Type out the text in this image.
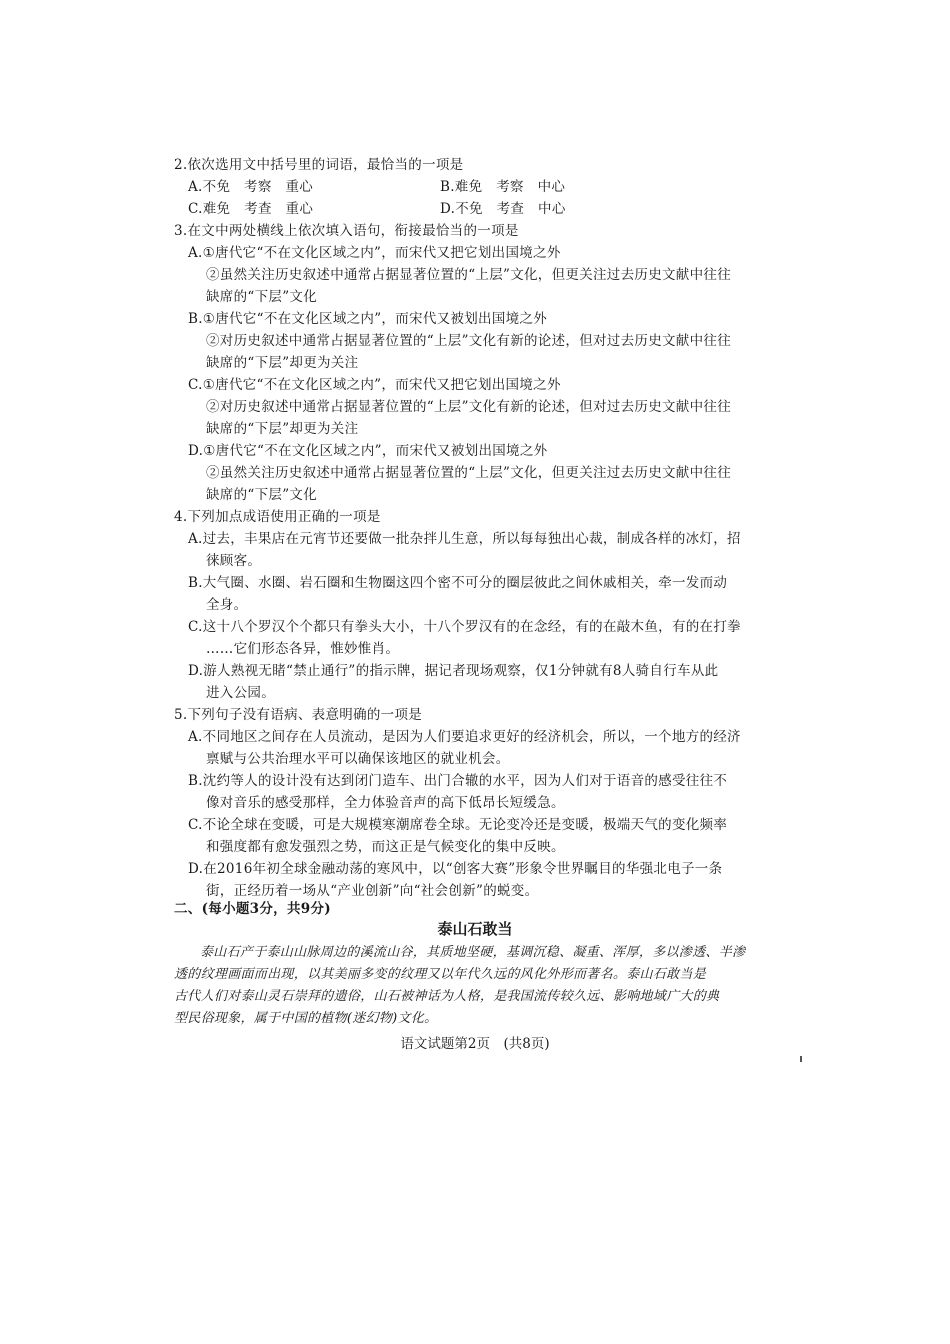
2.依次选用文中括号里的词语，最恰当的一项是
A.不免　考察　重心	B.难免　考察　中心
C.难免　考查　重心	D.不免　考查　中心
3.在文中两处横线上依次填入语句，衔接最恰当的一项是
A.①唐代它“不在文化区域之内”，而宋代又把它划出国境之外
②虽然关注历史叙述中通常占据显著位置的“上层”文化，但更关注过去历史文献中往往
缺席的“下层”文化
B.①唐代它“不在文化区域之内”，而宋代又被划出国境之外
②对历史叙述中通常占据显著位置的“上层”文化有新的论述，但对过去历史文献中往往
缺席的“下层”却更为关注
C.①唐代它“不在文化区域之内”，而宋代又把它划出国境之外
②对历史叙述中通常占据显著位置的“上层”文化有新的论述，但对过去历史文献中往往
缺席的“下层”却更为关注
D.①唐代它“不在文化区域之内”，而宋代又被划出国境之外
②虽然关注历史叙述中通常占据显著位置的“上层”文化，但更关注过去历史文献中往往
缺席的“下层”文化
4.下列加点成语使用正确的一项是
A.过去，丰果店在元宵节还要做一批杂拌儿生意，所以每每独出心裁，制成各样的冰灯，招
徕顾客。
B.大气圈、水圈、岩石圈和生物圈这四个密不可分的圈层彼此之间休戚相关，牵一发而动
全身。
C.这十八个罗汉个个都只有拳头大小，十八个罗汉有的在念经，有的在敲木鱼，有的在打拳
……它们形态各异，惟妙惟肖。
D.游人熟视无睹“禁止通行”的指示牌，据记者现场观察，仅1分钟就有8人骑自行车从此
进入公园。
5.下列句子没有语病、表意明确的一项是
A.不同地区之间存在人员流动，是因为人们要追求更好的经济机会，所以，一个地方的经济
禀赋与公共治理水平可以确保该地区的就业机会。
B.沈约等人的设计没有达到闭门造车、出门合辙的水平，因为人们对于语音的感受往往不
像对音乐的感受那样，全力体验音声的高下低昂长短缓急。
C.不论全球在变暖，可是大规模寒潮席卷全球。无论变冷还是变暖，极端天气的变化频率
和强度都有愈发强烈之势，而这正是气候变化的集中反映。
D.在2016年初全球金融动荡的寒风中，以“创客大赛”形象令世界瞩目的华强北电子一条
街，正经历着一场从“产业创新”向“社会创新”的蜕变。
二、(每小题3分，共9分)
泰山石敢当
泰山石产于泰山山脉周边的溪流山谷，其质地坚硬，基调沉稳、凝重、浑厚，多以渗透、半渗
透的纹理画面而出现，以其美丽多变的纹理又以年代久远的风化外形而著名。泰山石敢当是
古代人们对泰山灵石崇拜的遗俗，山石被神话为人格，是我国流传较久远、影响地域广大的典
型民俗现象，属于中国的植物(迷幻物)文化。
语文试题第2页　(共8页)
